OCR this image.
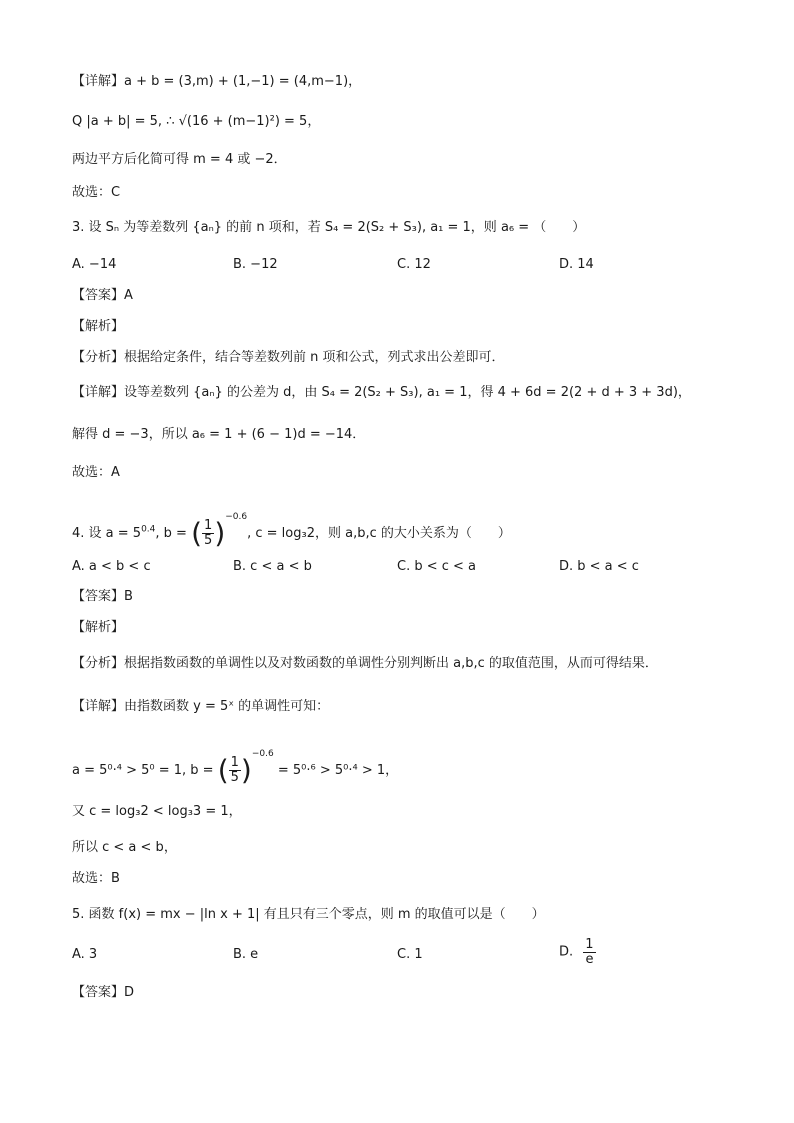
【详解】a + b = (3,m) + (1,−1) = (4,m−1)，
Q |a + b| = 5, ∴ √(16 + (m−1)²) = 5，
两边平方后化简可得 m = 4 或 −2．
故选：C
3. 设 Sₙ 为等差数列 {aₙ} 的前 n 项和，若 S₄ = 2(S₂ + S₃), a₁ = 1，则 a₆ = （　　）
A. −14	B. −12	C. 12	D. 14
【答案】A
【解析】
【分析】根据给定条件，结合等差数列前 n 项和公式，列式求出公差即可．
【详解】设等差数列 {aₙ} 的公差为 d，由 S₄ = 2(S₂ + S₃), a₁ = 1，得 4 + 6d = 2(2 + d + 3 + 3d)，
解得 d = −3，所以 a₆ = 1 + (6 − 1)d = −14．
故选：A
4. 设 $a = 5^{0.4}$, b = ( $\frac{1}{5} )^{-0.6}$, c = log₃2，则 a,b,c 的大小关系为（　　）
A. a < b < c	B. c < a < b	C. b < c < a	D. b < a < c
【答案】B
【解析】
【分析】根据指数函数的单调性以及对数函数的单调性分别判断出 a,b,c 的取值范围，从而可得结果．
【详解】由指数函数 y = 5ˣ 的单调性可知：
a = 5⁰·⁴ > 5⁰ = 1, b = ( $\frac{1}{5} )^{-0.6} = 5^0\cdot^6 > 5^0\cdot^4 > 1$，
又 c = log₃2 < log₃3 = 1，
所以 c < a < b，
故选：B
5. 函数 f(x) = mx − |ln x + 1| 有且只有三个零点，则 m 的取值可以是（　　）
A. 3	B. e	C. 1	D. $\frac{1}{e}$
【答案】D
